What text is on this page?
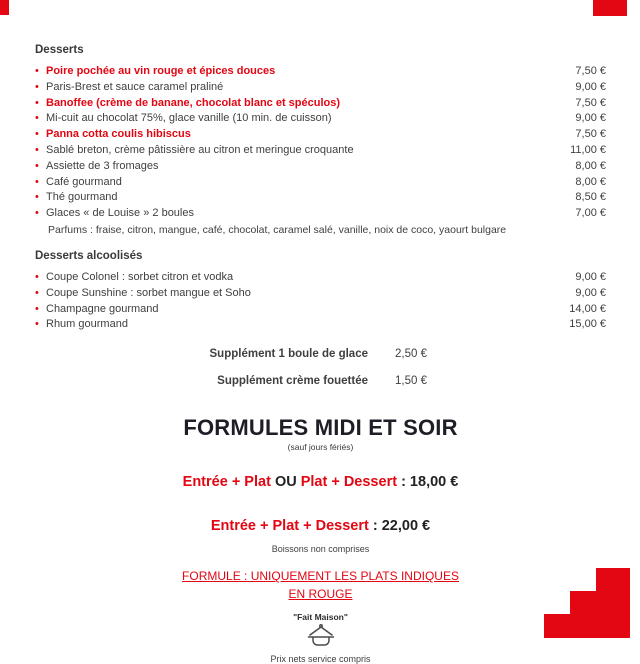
Desserts
• Poire pochée au vin rouge et épices douces	7,50 €
• Paris-Brest et sauce caramel praliné	9,00 €
• Banoffee (crème de banane, chocolat blanc et spéculos)	7,50 €
• Mi-cuit au chocolat 75%, glace vanille (10 min. de cuisson)	9,00 €
• Panna cotta coulis hibiscus	7,50 €
• Sablé breton, crème pâtissière au citron et meringue croquante	11,00 €
• Assiette de 3 fromages	8,00 €
• Café gourmand	8,00 €
• Thé gourmand	8,50 €
• Glaces « de Louise » 2 boules	7,00 €
Parfums : fraise, citron, mangue, café, chocolat, caramel salé, vanille, noix de coco, yaourt bulgare
Desserts alcoolisés
• Coupe Colonel : sorbet citron et vodka	9,00 €
• Coupe Sunshine : sorbet mangue et Soho	9,00 €
• Champagne gourmand	14,00 €
• Rhum gourmand	15,00 €
Supplément 1 boule de glace 2,50 €
Supplément crème fouettée 1,50 €
FORMULES MIDI ET SOIR
(sauf jours fériés)
Entrée + Plat OU Plat + Dessert : 18,00 €
Entrée + Plat + Dessert : 22,00 €
Boissons non comprises
FORMULE : UNIQUEMENT LES PLATS INDIQUES
EN ROUGE
"Fait Maison"
Prix nets service compris
